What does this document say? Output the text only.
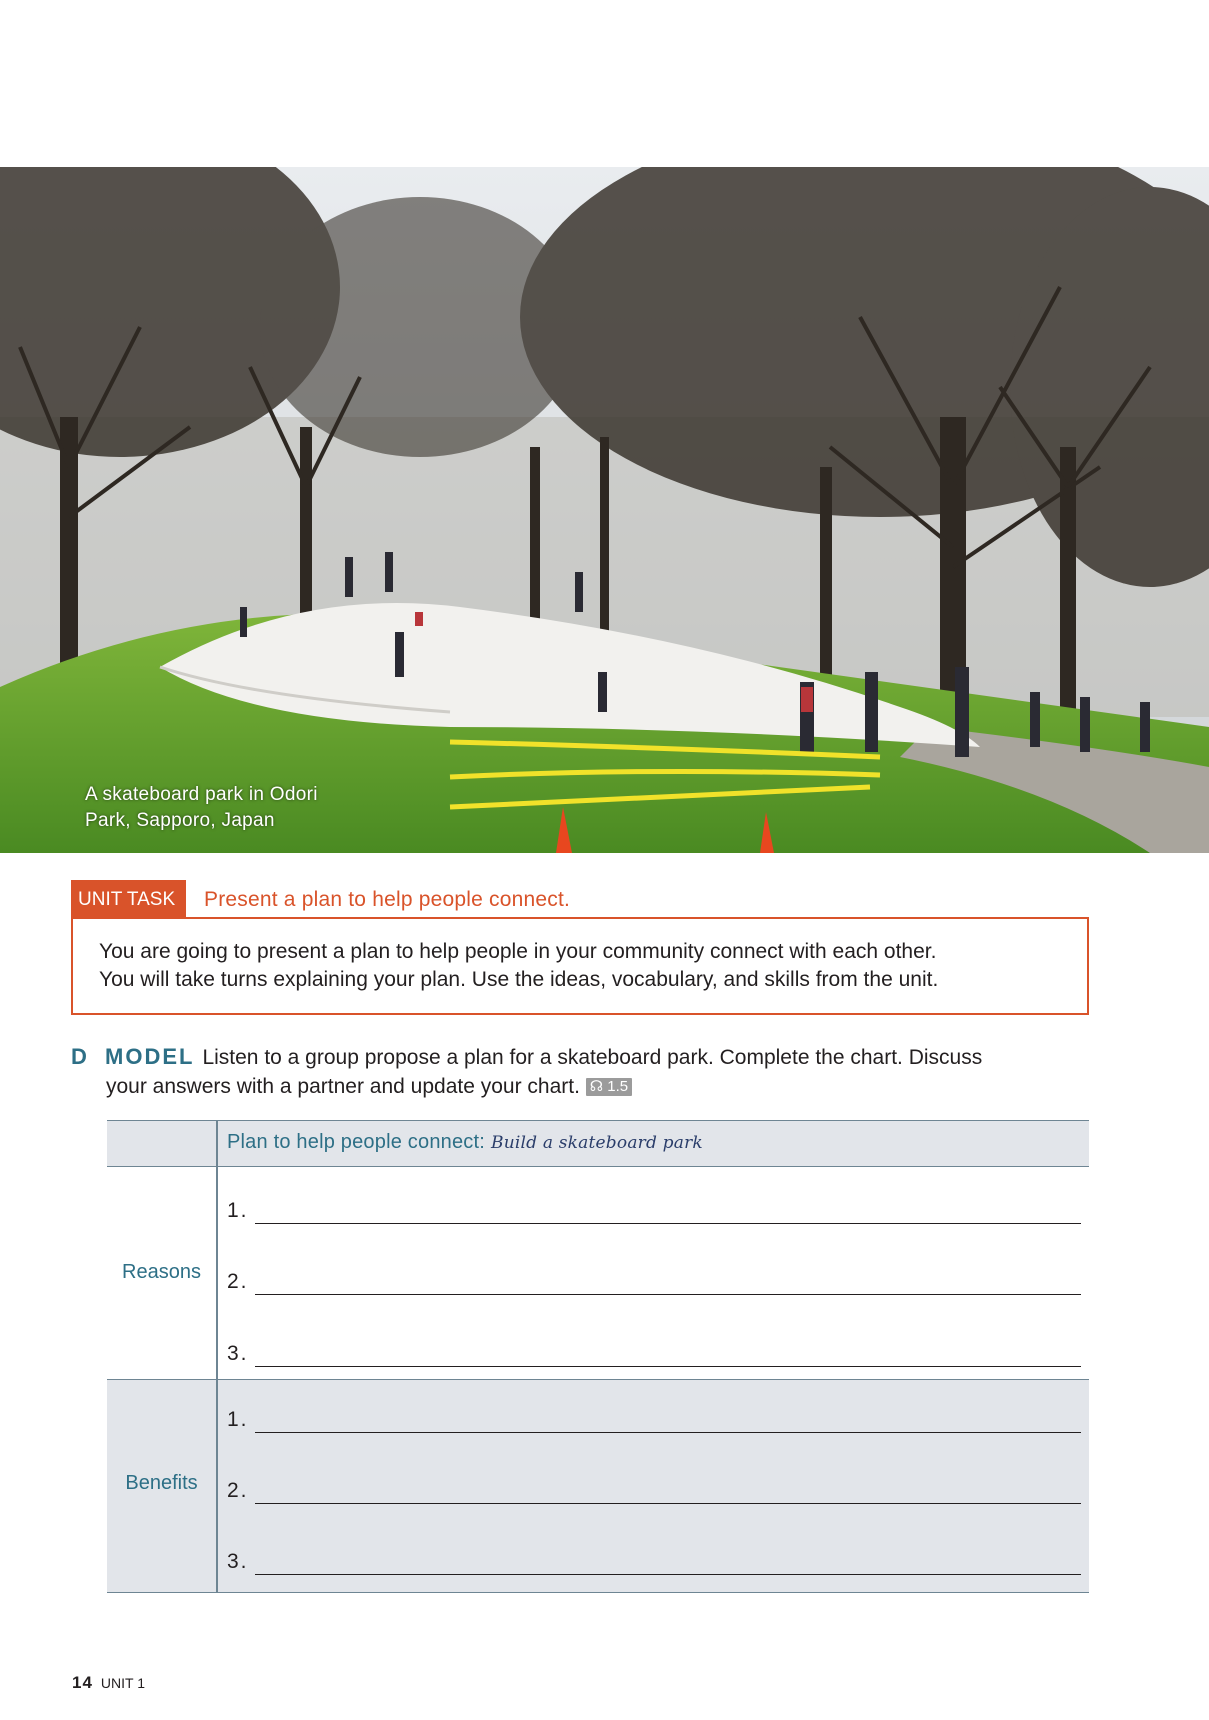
A skateboard park in Odori
Park, Sapporo, Japan
UNIT TASK	Present a plan to help people connect.
You are going to present a plan to help people in your community connect with each other.
You will take turns explaining your plan. Use the ideas, vocabulary, and skills from the unit.
D MODEL Listen to a group propose a plan for a skateboard park. Complete the chart. Discuss
your answers with a partner and update your chart. ☊ 1.5
Plan to help people connect: Build a skateboard park
Reasons
1.
2.
3.
Benefits
1.
2.
3.
14 UNIT 1
